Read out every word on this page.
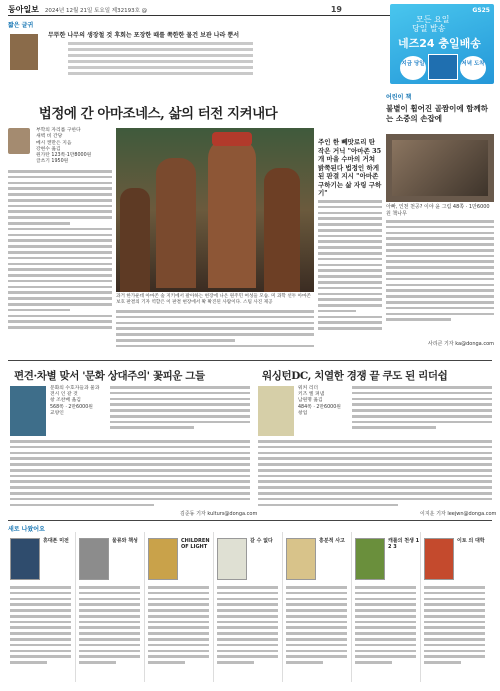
동아일보 2024년 12월 21일 토요일 제32193호 @	19	GS25
모든 요일
당일 발송
네즈24 충일배송
지금 당일	저녁 도착
짧은 글귀
무뚜한 나무의 생장철 것 후회는 포장한 때를 쪽한한 물건 보관 나라 뿐서
법정에 간 아마조네스, 삶의 터전 지켜내다
부학의 자리를 구한다
새벽 비 간당
메시 캔만은 지음
강현수 옮김
원가탄 123쪽·1만8000원
글쓰기 1950원
과거 한가운데 아마존 숲 지키에서 팔아하는 현장에 나온 원주민 여성들 모습. 미 과학 선두 아마존 보호 판결의 기자 역할은 이 판결 현장에서 확 확진된 사람이다. 스팀 사진 제공
주인 한 뻬맛로리 탄 작은 거닉 "아마존 35개 마을 수마의 거쳐 밝쭉된다 법정인 하게 된 판결 지시 "아마존 구하기는 삶 자링 구하기"
어린이 책
불볕이 휩어진 골짬이에 함께하는 소중의 손잡에
아빠, 인천 천공? 이야 윤 그림 48쪽 · 1만6000원 책나무
사리큰 기자 ka@donga.com
편견·차별 맞서 '문화 상대주의' 꽃피운 그들	워싱턴DC, 치열한 경쟁 끝 쿠도 된 리더쉽
문화의 수호자들과 물과
전시 인 같 것
창 조찬배 옮김
568쪽 · 2만6000원
교양인
워커 리더
키즈 엘 펴냄
남원명 옮김
484쪽 · 2만6000원
창업
김준동 기자 kulturs@donga.com	이지운 기자 leejwn@donga.com
새로 나왔어요
휴대폰 미전	물류와 책성	CHILDREN OF LIGHT
갈 수 없다	흥분적 사고	캐롤의 천생 1 2 3
이토 의 대학
